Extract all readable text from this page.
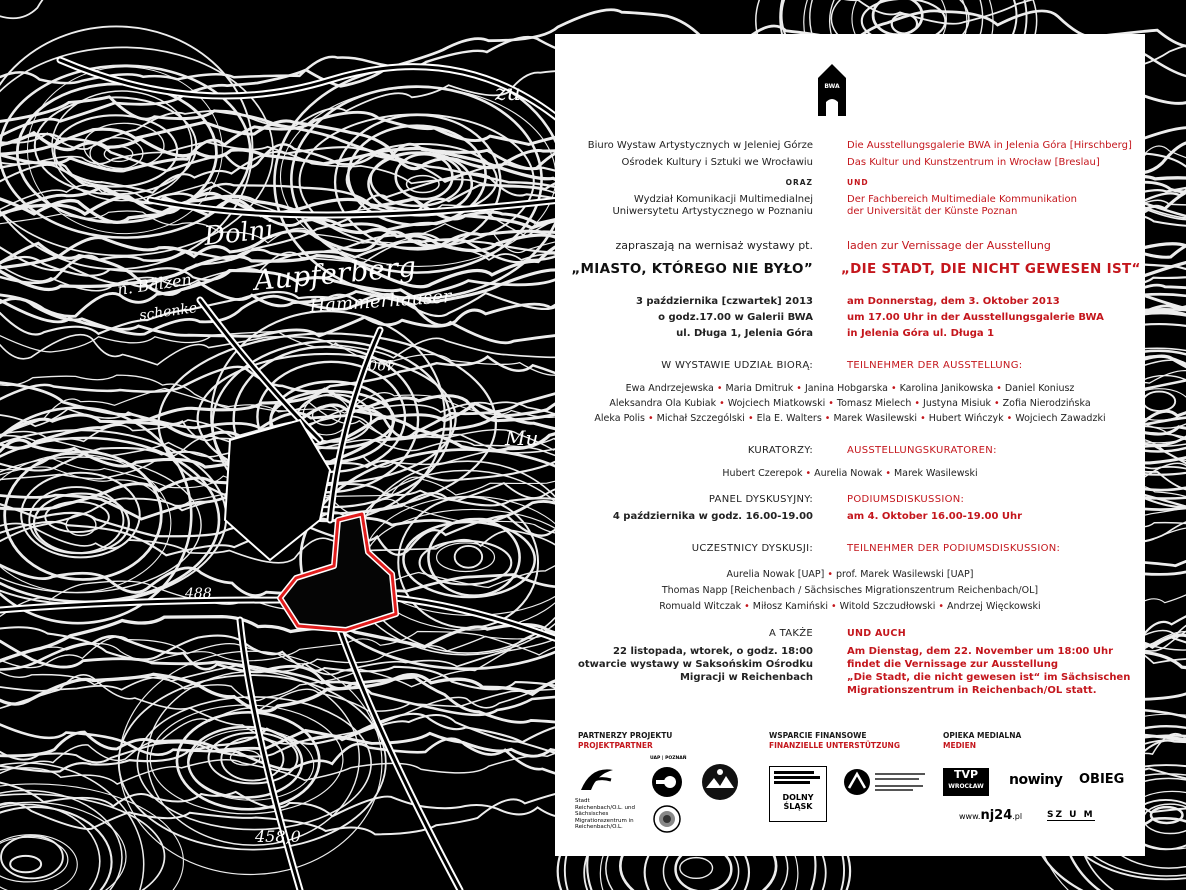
zu
Dolni
Aupferberg
Hammerhauser
n. Bälzen
schenke
490
Mu
488
458,0
BWA
Biuro Wystaw Artystycznych w Jeleniej Górze	Die Ausstellungsgalerie BWA in Jelenia Góra [Hirschberg]
Ośrodek Kultury i Sztuki we Wrocławiu	Das Kultur und Kunstzentrum in Wrocław [Breslau]
ORAZ	UND
Wydział Komunikacji Multimedialnej	Der Fachbereich Multimediale Kommunikation
Uniwersytetu Artystycznego w Poznaniu	der Universität der Künste Poznan
zapraszają na wernisaż wystawy pt.	laden zur Vernissage der Ausstellung
„MIASTO, KTÓREGO NIE BYŁO” „DIE STADT, DIE NICHT GEWESEN IST“
3 października [czwartek] 2013	am Donnerstag, dem 3. Oktober 2013
o godz.17.00 w Galerii BWA	um 17.00 Uhr in der Ausstellungsgalerie BWA
ul. Długa 1, Jelenia Góra	in Jelenia Góra ul. Długa 1
W WYSTAWIE UDZIAŁ BIORĄ:	TEILNEHMER DER AUSSTELLUNG:
Ewa Andrzejewska • Maria Dmitruk • Janina Hobgarska • Karolina Janikowska • Daniel Koniusz
Aleksandra Ola Kubiak • Wojciech Miatkowski • Tomasz Mielech • Justyna Misiuk • Zofia Nierodzińska
Aleka Polis • Michał Szczególski • Ela E. Walters • Marek Wasilewski • Hubert Wińczyk • Wojciech Zawadzki
KURATORZY:	AUSSTELLUNGSKURATOREN:
Hubert Czerepok • Aurelia Nowak • Marek Wasilewski
PANEL DYSKUSYJNY:	PODIUMSDISKUSSION:
4 października w godz. 16.00-19.00	am 4. Oktober 16.00-19.00 Uhr
UCZESTNICY DYSKUSJI:	TEILNEHMER DER PODIUMSDISKUSSION:
Aurelia Nowak [UAP] • prof. Marek Wasilewski [UAP]
Thomas Napp [Reichenbach / Sächsisches Migrationszentrum Reichenbach/OL]
Romuald Witczak • Miłosz Kamiński • Witold Szczudłowski • Andrzej Więckowski
A TAKŻE	UND AUCH
22 listopada, wtorek, o godz. 18:00	Am Dienstag, dem 22. November um 18:00 Uhr
otwarcie wystawy w Saksońskim Ośrodku	findet die Vernissage zur Ausstellung
Migracji w Reichenbach	„Die Stadt, die nicht gewesen ist“ im Sächsischen
Migrationszentrum in Reichenbach/OL statt.
PARTNERZY PROJEKTU
PROJEKTPARTNER
WSPARCIE FINANSOWE
FINANZIELLE UNTERSTÜTZUNG
OPIEKA MEDIALNA
MEDIEN
Stadt Reichenbach/O.L. und Sächsisches Migrationszentrum in Reichenbach/O.L.
UAP | POZNAŃ
DOLNY
ŚLĄSK
TVP
WROCŁAW	nowiny OBIEG
www.nj24.pl	SZ U M
